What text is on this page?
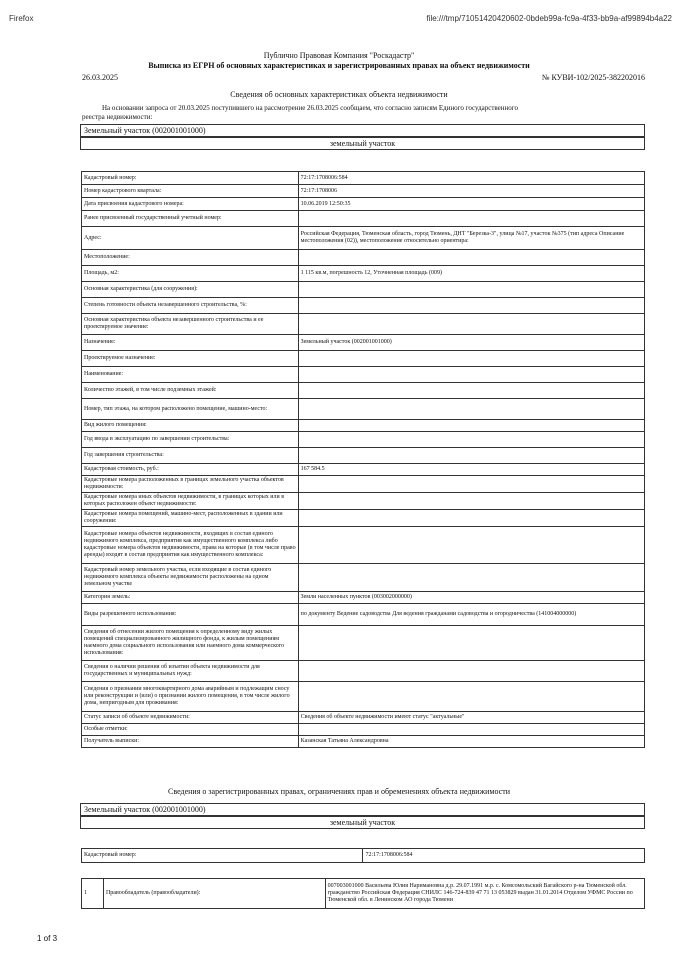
Firefox	file:///tmp/71051420420602-0bdeb99a-fc9a-4f33-bb9a-af99894b4a22
Публично Правовая Компания "Роскадастр"
Выписка из ЕГРН об основных характеристиках и зарегистрированных правах на объект недвижимости
26.03.2025	№ КУВИ-102/2025-382202016
Сведения об основных характеристиках объекта недвижимости
На основании запроса от 20.03.2025 поступившего на рассмотрение 26.03.2025 сообщаем, что согласно записям Единого государственного
реестра недвижимости:
Земельный участок (002001001000)
земельный участок
Кадастровый номер:	72:17:1708006:584
Номер кадастрового квартала:	72:17:1708006
Дата присвоения кадастрового номера:	10.06.2019 12:50:35
Ранее присвоенный государственный учетный номер:	
Адрес:	Российская Федерация, Тюменская область, город Тюмень, ДНТ "Березка-3", улица №17, участок №375 (тип адреса Описание местоположения (02)), местоположение относительно ориентира:
Местоположение:	
Площадь, м2:	1 115 кв.м, погрешность 12, Уточненная площадь (009)
Основная характеристика (для сооружения):	
Степень готовности объекта незавершенного строительства, %:	
Основная характеристика объекта незавершенного строительства и ее проектируемое значение:	
Назначение:	Земельный участок (002001001000)
Проектируемое назначение:	
Наименование:	
Количество этажей, в том числе подземных этажей:	
Номер, тип этажа, на котором расположено помещение, машино-место:	
Вид жилого помещения:	
Год ввода в эксплуатацию по завершении строительства:	
Год завершения строительства:	
Кадастровая стоимость, руб.:	167 584.5
Кадастровые номера расположенных в границах земельного участка объектов недвижимости:	
Кадастровые номера иных объектов недвижимости, в границах которых или в которых расположен объект недвижимости:	
Кадастровые номера помещений, машино-мест, расположенных в здании или сооружении:	
Кадастровые номера объектов недвижимости, входящих в состав единого недвижимого комплекса, предприятия как имущественного комплекса либо кадастровые номера объектов недвижимости, права на которые (в том числе право аренды) входят в состав предприятия как имущественного комплекса:	
Кадастровый номер земельного участка, если входящие в состав единого недвижимого комплекса объекты недвижимости расположены на одном земельном участке	
Категория земель:	Земли населенных пунктов (003002000000)
Виды разрешенного использования:	по документу Ведение садоводства Для ведения гражданами садоводства и огородничества (141004000000)
Сведения об отнесении жилого помещения к определенному виду жилых помещений специализированного жилищного фонда, к жилым помещениям наемного дома социального использования или наемного дома коммерческого использования:	
Сведения о наличии решения об изъятии объекта недвижимости для государственных и муниципальных нужд:	
Сведения о признании многоквартирного дома аварийным и подлежащим сносу или реконструкции и (или) о признании жилого помещения, в том числе жилого дома, непригодным для проживания:	
Статус записи об объекте недвижимости:	Сведения об объекте недвижимости имеют статус "актуальные"
Особые отметки:	
Получатель выписки:	Казанская Татьяна Александровна
Сведения о зарегистрированных правах, ограничениях прав и обременениях объекта недвижимости
Земельный участок (002001001000)
земельный участок
Кадастровый номер:	72:17:1708006:584
1	Правообладатель (правообладатели):	007003001000 Васильева Юлия Наримановна д.р. 29.07.1991 м.р. с. Комсомольский Вагайского р-на Тюменской обл. гражданство Российская Федерация СНИЛС 146-724-839 47 71 13 053829 выдан 31.01.2014 Отделом УФМС России по Тюменской обл. в Ленинском АО города Тюмени
1 of 3
